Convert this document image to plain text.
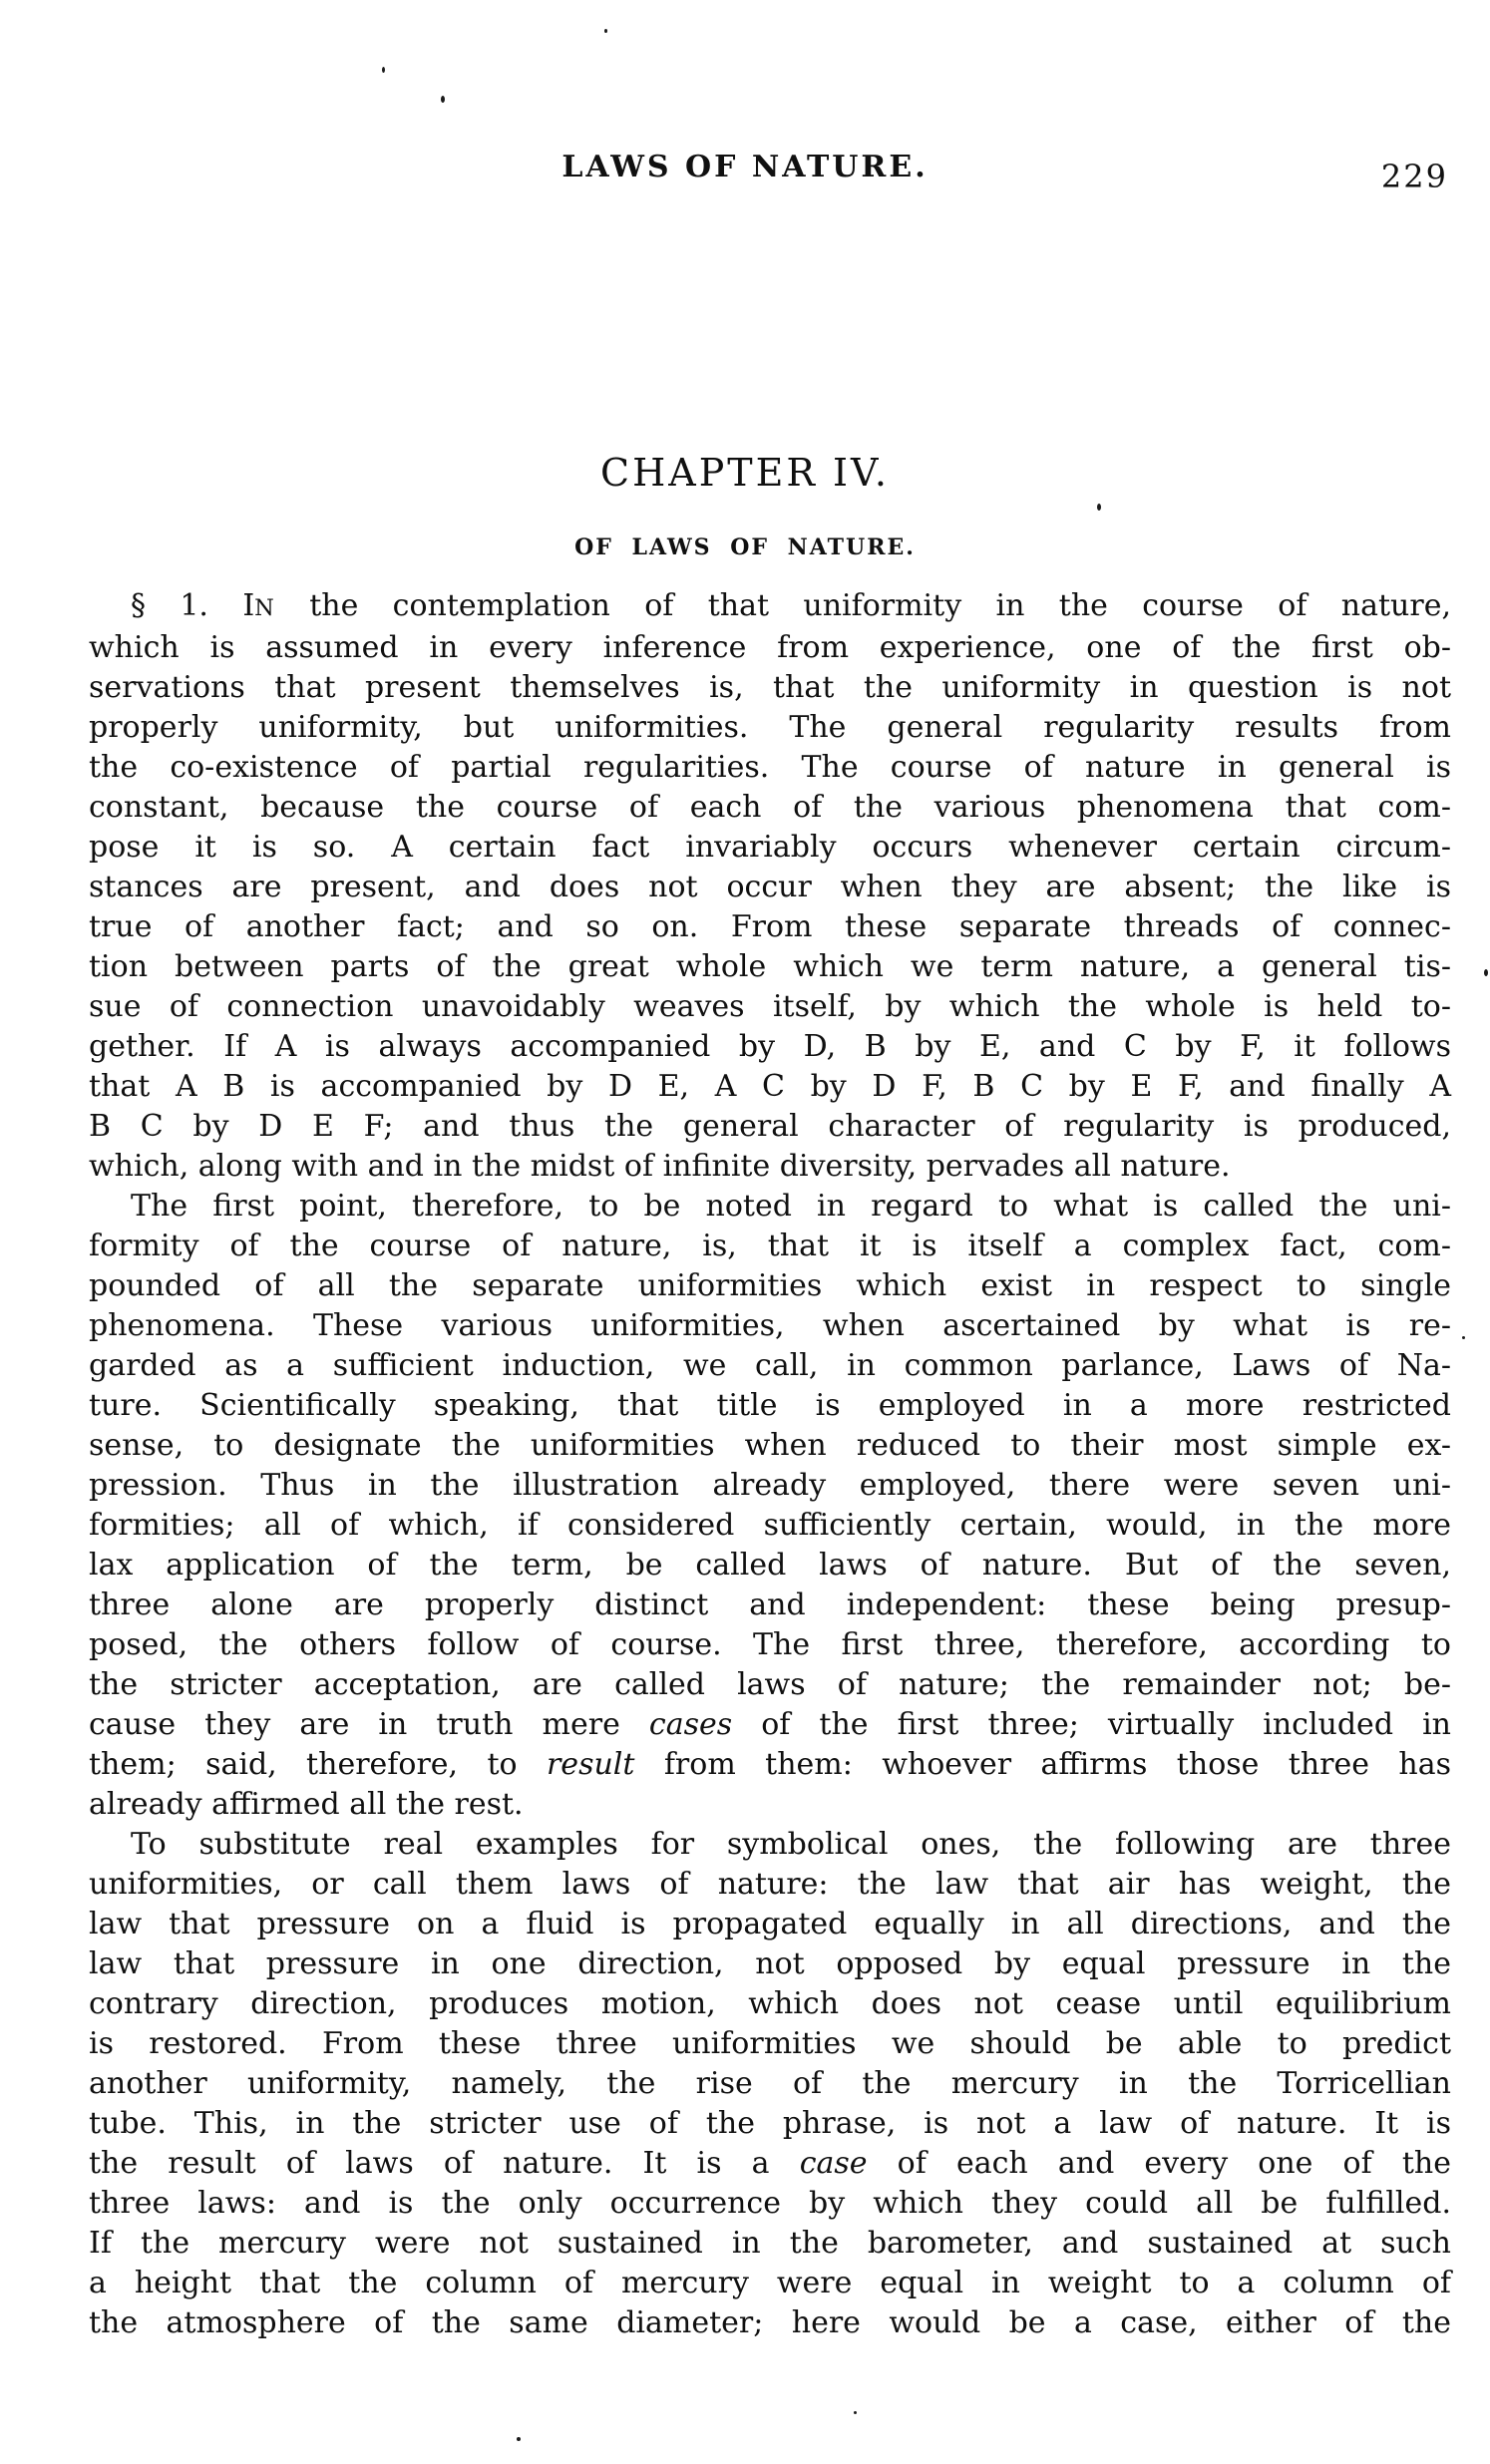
LAWS OF NATURE.	229
CHAPTER IV.
OF LAWS OF NATURE.
§ 1. IN the contemplation of that uniformity in the course of nature,
which is assumed in every inference from experience, one of the first ob-
servations that present themselves is, that the uniformity in question is not
properly uniformity, but uniformities. The general regularity results from
the co-existence of partial regularities. The course of nature in general is
constant, because the course of each of the various phenomena that com-
pose it is so. A certain fact invariably occurs whenever certain circum-
stances are present, and does not occur when they are absent; the like is
true of another fact; and so on. From these separate threads of connec-
tion between parts of the great whole which we term nature, a general tis-
sue of connection unavoidably weaves itself, by which the whole is held to-
gether. If A is always accompanied by D, B by E, and C by F, it follows
that A B is accompanied by D E, A C by D F, B C by E F, and finally A
B C by D E F; and thus the general character of regularity is produced,
which, along with and in the midst of infinite diversity, pervades all nature.
The first point, therefore, to be noted in regard to what is called the uni-
formity of the course of nature, is, that it is itself a complex fact, com-
pounded of all the separate uniformities which exist in respect to single
phenomena. These various uniformities, when ascertained by what is re-
garded as a sufficient induction, we call, in common parlance, Laws of Na-
ture. Scientifically speaking, that title is employed in a more restricted
sense, to designate the uniformities when reduced to their most simple ex-
pression. Thus in the illustration already employed, there were seven uni-
formities; all of which, if considered sufficiently certain, would, in the more
lax application of the term, be called laws of nature. But of the seven,
three alone are properly distinct and independent: these being presup-
posed, the others follow of course. The first three, therefore, according to
the stricter acceptation, are called laws of nature; the remainder not; be-
cause they are in truth mere cases of the first three; virtually included in
them; said, therefore, to result from them: whoever affirms those three has
already affirmed all the rest.
To substitute real examples for symbolical ones, the following are three
uniformities, or call them laws of nature: the law that air has weight, the
law that pressure on a fluid is propagated equally in all directions, and the
law that pressure in one direction, not opposed by equal pressure in the
contrary direction, produces motion, which does not cease until equilibrium
is restored. From these three uniformities we should be able to predict
another uniformity, namely, the rise of the mercury in the Torricellian
tube. This, in the stricter use of the phrase, is not a law of nature. It is
the result of laws of nature. It is a case of each and every one of the
three laws: and is the only occurrence by which they could all be fulfilled.
If the mercury were not sustained in the barometer, and sustained at such
a height that the column of mercury were equal in weight to a column of
the atmosphere of the same diameter; here would be a case, either of the
